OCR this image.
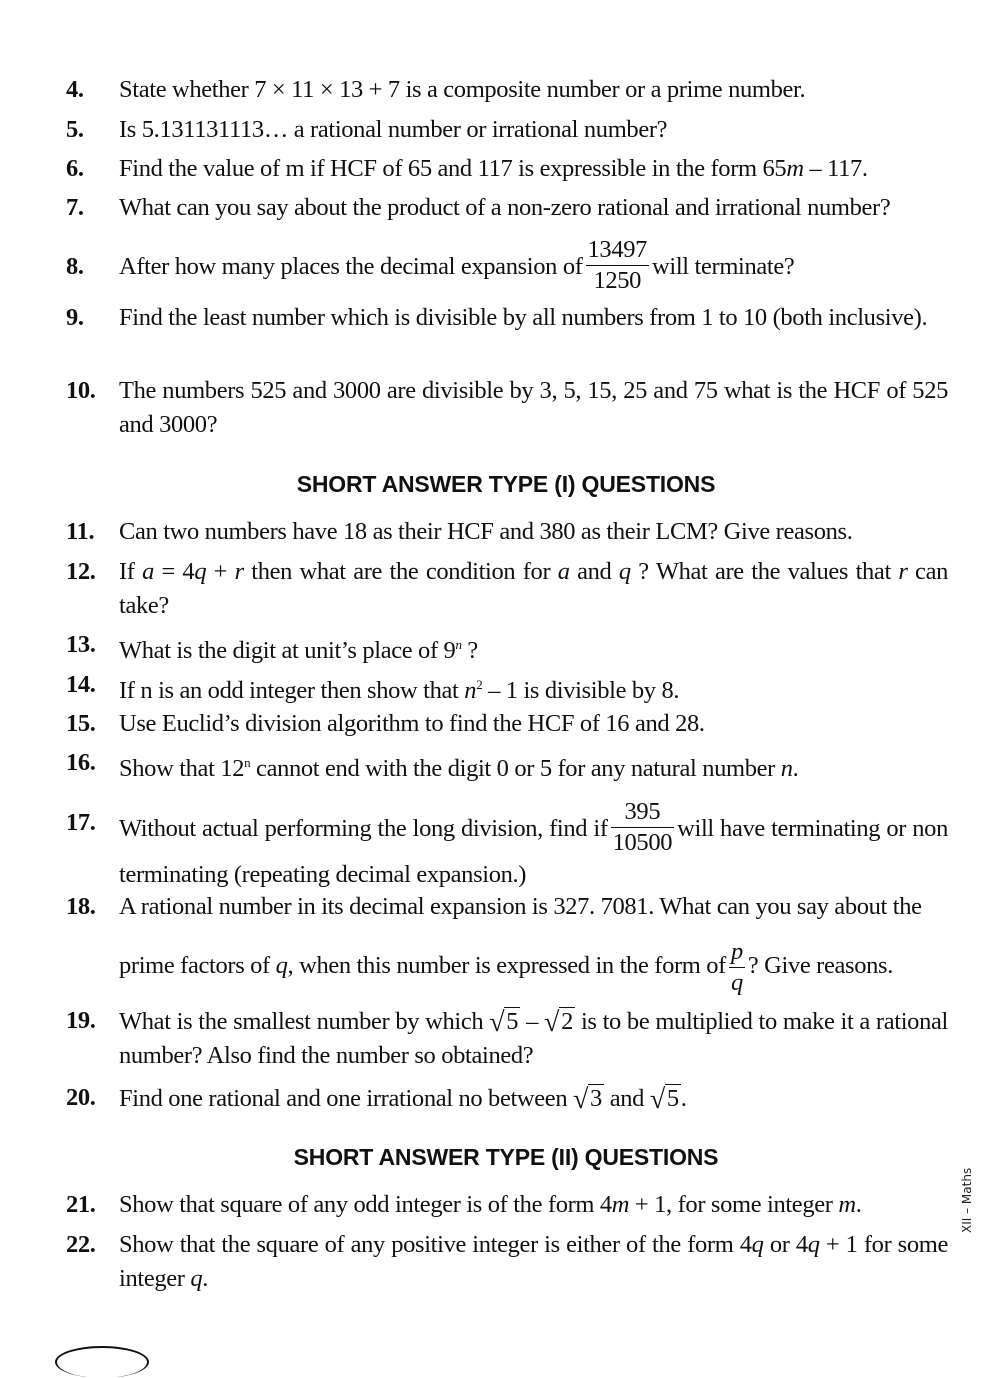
4. State whether 7 × 11 × 13 + 7 is a composite number or a prime number.
5. Is 5.131131113… a rational number or irrational number?
6. Find the value of m if HCF of 65 and 117 is expressible in the form 65m – 117.
7. What can you say about the product of a non-zero rational and irrational number?
8. After how many places the decimal expansion of $\frac{13497}{1250}$ will terminate?
9. Find the least number which is divisible by all numbers from 1 to 10 (both inclusive).
10. The numbers 525 and 3000 are divisible by 3, 5, 15, 25 and 75 what is the HCF of 525 and 3000?
SHORT ANSWER TYPE (I) QUESTIONS
11. Can two numbers have 18 as their HCF and 380 as their LCM? Give reasons.
12. If a = 4q + r then what are the condition for a and q ? What are the values that r can take?
13. What is the digit at unit’s place of 9$^n$ ?
14. If n is an odd integer then show that $n^2 - 1$ is divisible by 8.
15. Use Euclid’s division algorithm to find the HCF of 16 and 28.
16. Show that 12$^n$ cannot end with the digit 0 or 5 for any natural number n.
17. Without actual performing the long division, find if $\frac{395}{10500}$ will have terminating or non terminating (repeating decimal expansion.)
18. A rational number in its decimal expansion is 327. 7081. What can you say about the
prime factors of q, when this number is expressed in the form of $\frac{p}{q}$ ? Give reasons.
19. What is the smallest number by which √5 – √2 is to be multiplied to make it a rational number? Also find the number so obtained?
20. Find one rational and one irrational no between √3 and √5.
SHORT ANSWER TYPE (II) QUESTIONS
21. Show that square of any odd integer is of the form 4m + 1, for some integer m.
22. Show that the square of any positive integer is either of the form 4q or 4q + 1 for some integer q.
XII – Maths
